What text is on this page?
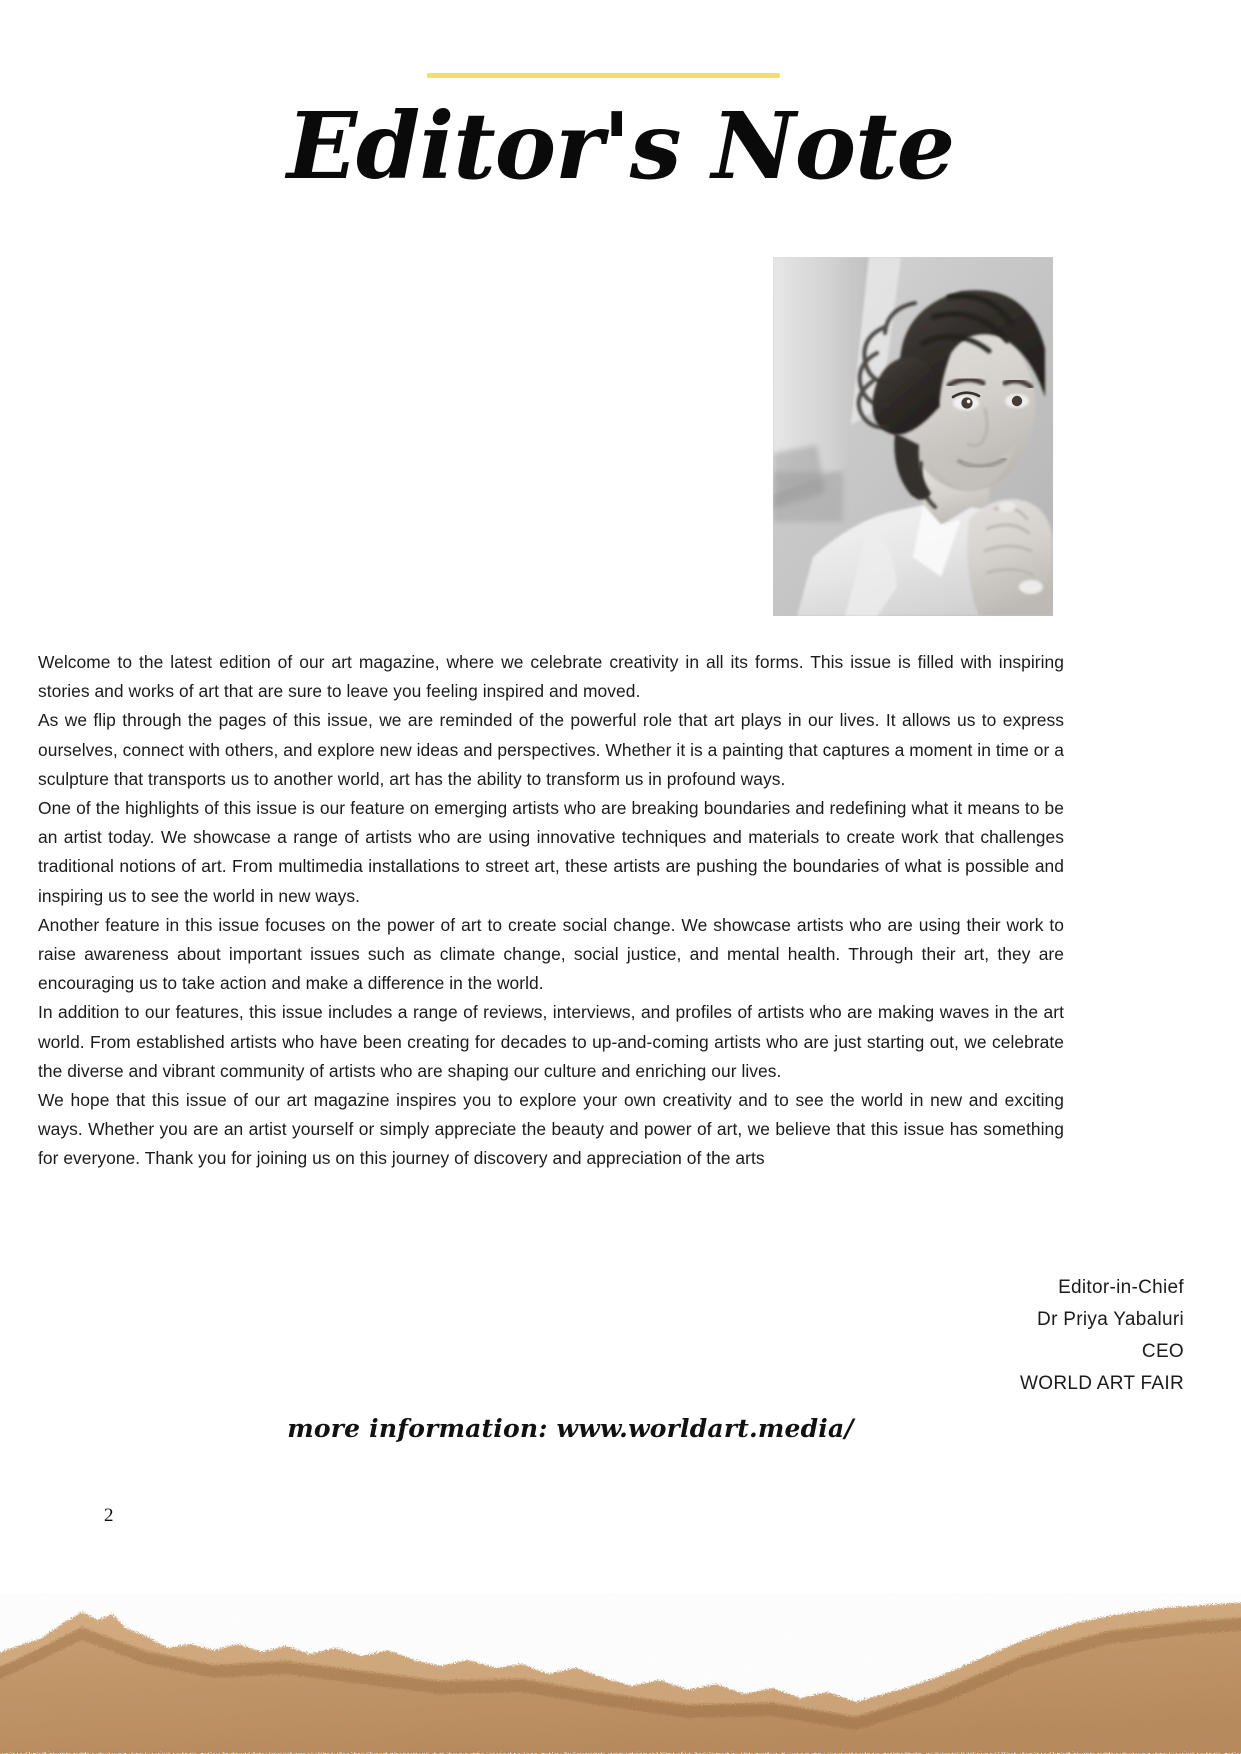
Editor's Note
2

Welcome to the latest edition of our art magazine, where we celebrate creativity in all its forms. This issue is filled with inspiring stories and works of art that are sure to leave you feeling inspired and moved.

As we flip through the pages of this issue, we are reminded of the powerful role that art plays in our lives. It allows us to express ourselves, connect with others, and explore new ideas and perspectives. Whether it is a painting that captures a moment in time or a sculpture that transports us to another world, art has the ability to transform us in profound ways.

One of the highlights of this issue is our feature on emerging artists who are breaking boundaries and redefining what it means to be an artist today. We showcase a range of artists who are using innovative techniques and materials to create work that challenges traditional notions of art. From multimedia installations to street art, these artists are pushing the boundaries of what is possible and inspiring us to see the world in new ways.

Another feature in this issue focuses on the power of art to create social change. We showcase artists who are using their work to raise awareness about important issues such as climate change, social justice, and mental health. Through their art, they are encouraging us to take action and make a difference in the world.

In addition to our features, this issue includes a range of reviews, interviews, and profiles of artists who are making waves in the art world. From established artists who have been creating for decades to up-and-coming artists who are just starting out, we celebrate the diverse and vibrant community of artists who are shaping our culture and enriching our lives.

We hope that this issue of our art magazine inspires you to explore your own creativity and to see the world in new and exciting ways. Whether you are an artist yourself or simply appreciate the beauty and power of art, we believe that this issue has something for everyone. Thank you for joining us on this journey of discovery and appreciation of the arts

Editor-in-Chief
Dr Priya Yabaluri
CEO
WORLD ART FAIR
more information: www.worldart.media/
